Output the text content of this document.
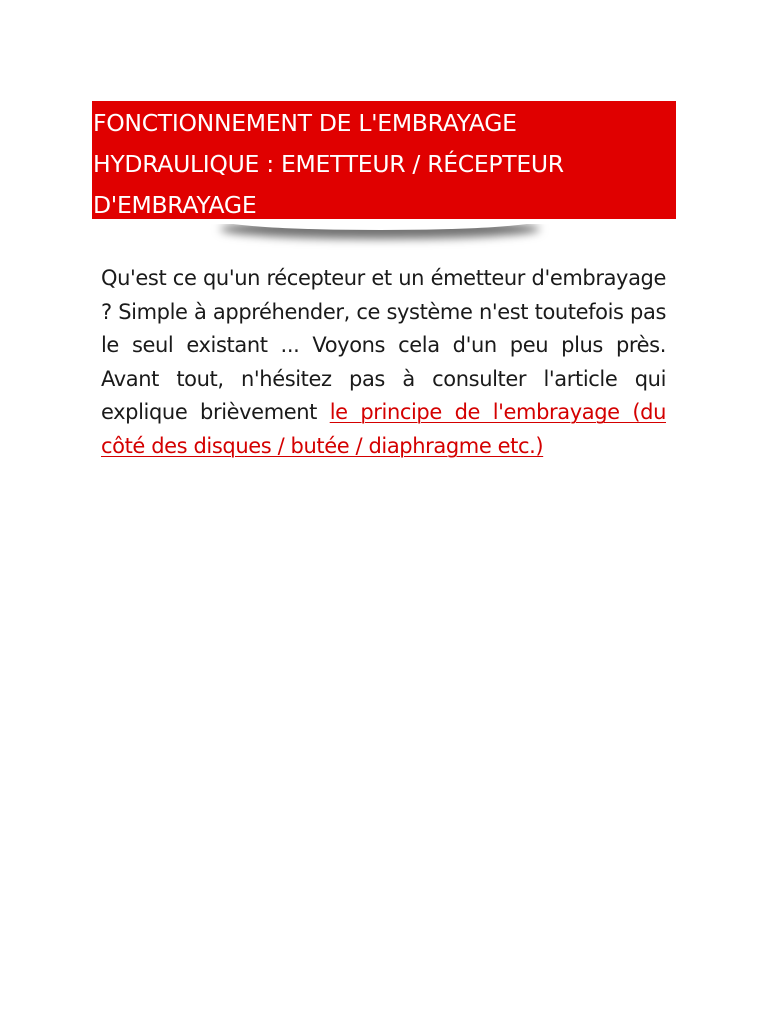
FONCTIONNEMENT DE L'EMBRAYAGE
HYDRAULIQUE : EMETTEUR / RÉCEPTEUR
D'EMBRAYAGE

Qu'est ce qu'un récepteur et un émetteur d'embrayage ? Simple à appréhender, ce système n'est toutefois pas le seul existant ... Voyons cela d'un peu plus près. Avant tout, n'hésitez pas à consulter l'article qui explique brièvement le principe de l'embrayage (du côté des disques / butée / diaphragme etc.)
